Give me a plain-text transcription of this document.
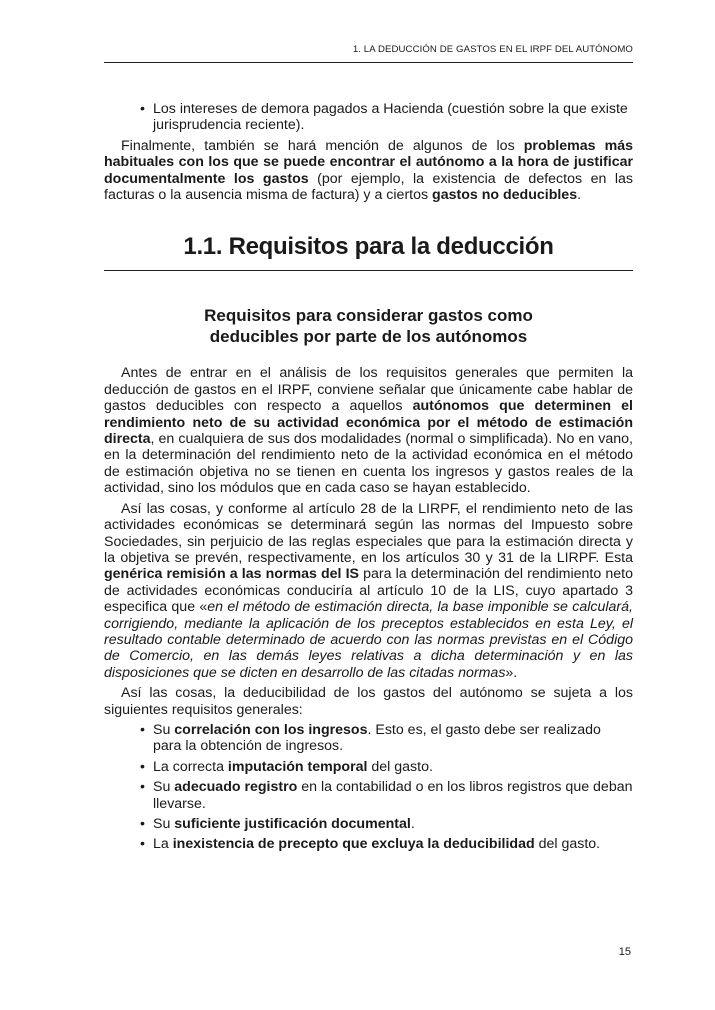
1. LA DEDUCCIÓN DE GASTOS EN EL IRPF DEL AUTÓNOMO
• Los intereses de demora pagados a Hacienda (cuestión sobre la que existe jurisprudencia reciente).

Finalmente, también se hará mención de algunos de los problemas más habituales con los que se puede encontrar el autónomo a la hora de justificar documentalmente los gastos (por ejemplo, la existencia de defectos en las facturas o la ausencia misma de factura) y a ciertos gastos no deducibles.

1.1. Requisitos para la deducción
Requisitos para considerar gastos como
deducibles por parte de los autónomos

Antes de entrar en el análisis de los requisitos generales que permiten la deducción de gastos en el IRPF, conviene señalar que únicamente cabe hablar de gastos deducibles con respecto a aquellos autónomos que determinen el rendimiento neto de su actividad económica por el método de estimación directa, en cualquiera de sus dos modalidades (normal o simplificada). No en vano, en la determinación del rendimiento neto de la actividad económica en el método de estimación objetiva no se tienen en cuenta los ingresos y gastos reales de la actividad, sino los módulos que en cada caso se hayan establecido.

Así las cosas, y conforme al artículo 28 de la LIRPF, el rendimiento neto de las actividades económicas se determinará según las normas del Impuesto sobre Sociedades, sin perjuicio de las reglas especiales que para la estimación directa y la objetiva se prevén, respectivamente, en los artículos 30 y 31 de la LIRPF. Esta genérica remisión a las normas del IS para la determinación del rendimiento neto de actividades económicas conduciría al artículo 10 de la LIS, cuyo apartado 3 especifica que «en el método de estimación directa, la base imponible se calculará, corrigiendo, mediante la aplicación de los preceptos establecidos en esta Ley, el resultado contable determinado de acuerdo con las normas previstas en el Código de Comercio, en las demás leyes relativas a dicha determinación y en las disposiciones que se dicten en desarrollo de las citadas normas».

Así las cosas, la deducibilidad de los gastos del autónomo se sujeta a los siguientes requisitos generales:

• Su correlación con los ingresos. Esto es, el gasto debe ser realizado para la obtención de ingresos.
• La correcta imputación temporal del gasto.
• Su adecuado registro en la contabilidad o en los libros registros que deban llevarse.
• Su suficiente justificación documental.
• La inexistencia de precepto que excluya la deducibilidad del gasto.
15
